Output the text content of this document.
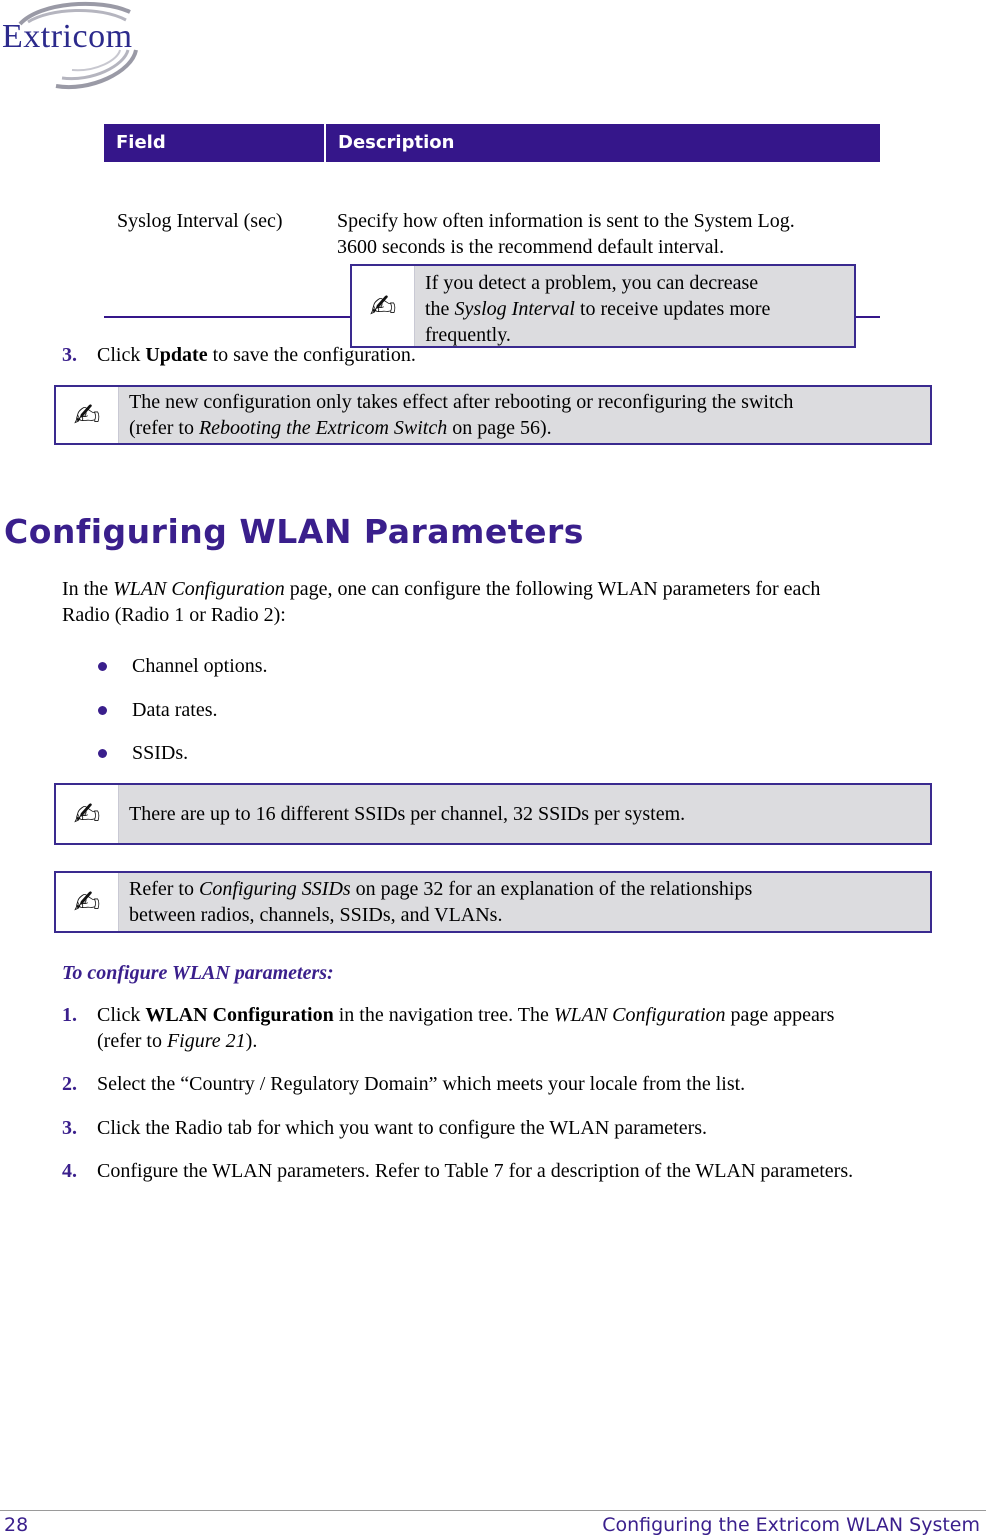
Extricom
Field	Description
Syslog Interval (sec)	Specify how often information is sent to the System Log.
3600 seconds is the recommend default interval.
✍
If you detect a problem, you can decrease
the Syslog Interval to receive updates more
frequently.
3. Click Update to save the configuration.
✍	The new configuration only takes effect after rebooting or reconfiguring the switch
(refer to Rebooting the Extricom Switch on page 56).
Configuring WLAN Parameters
In the WLAN Configuration page, one can configure the following WLAN parameters for each
Radio (Radio 1 or Radio 2):
Channel options.
Data rates.
SSIDs.
✍	There are up to 16 different SSIDs per channel, 32 SSIDs per system.
✍	Refer to Configuring SSIDs on page 32 for an explanation of the relationships
between radios, channels, SSIDs, and VLANs.
To configure WLAN parameters:
1. Click WLAN Configuration in the navigation tree. The WLAN Configuration page appears
(refer to Figure 21).
2. Select the “Country / Regulatory Domain” which meets your locale from the list.
3. Click the Radio tab for which you want to configure the WLAN parameters.
4. Configure the WLAN parameters. Refer to Table 7 for a description of the WLAN parameters.
28	Configuring the Extricom WLAN System
